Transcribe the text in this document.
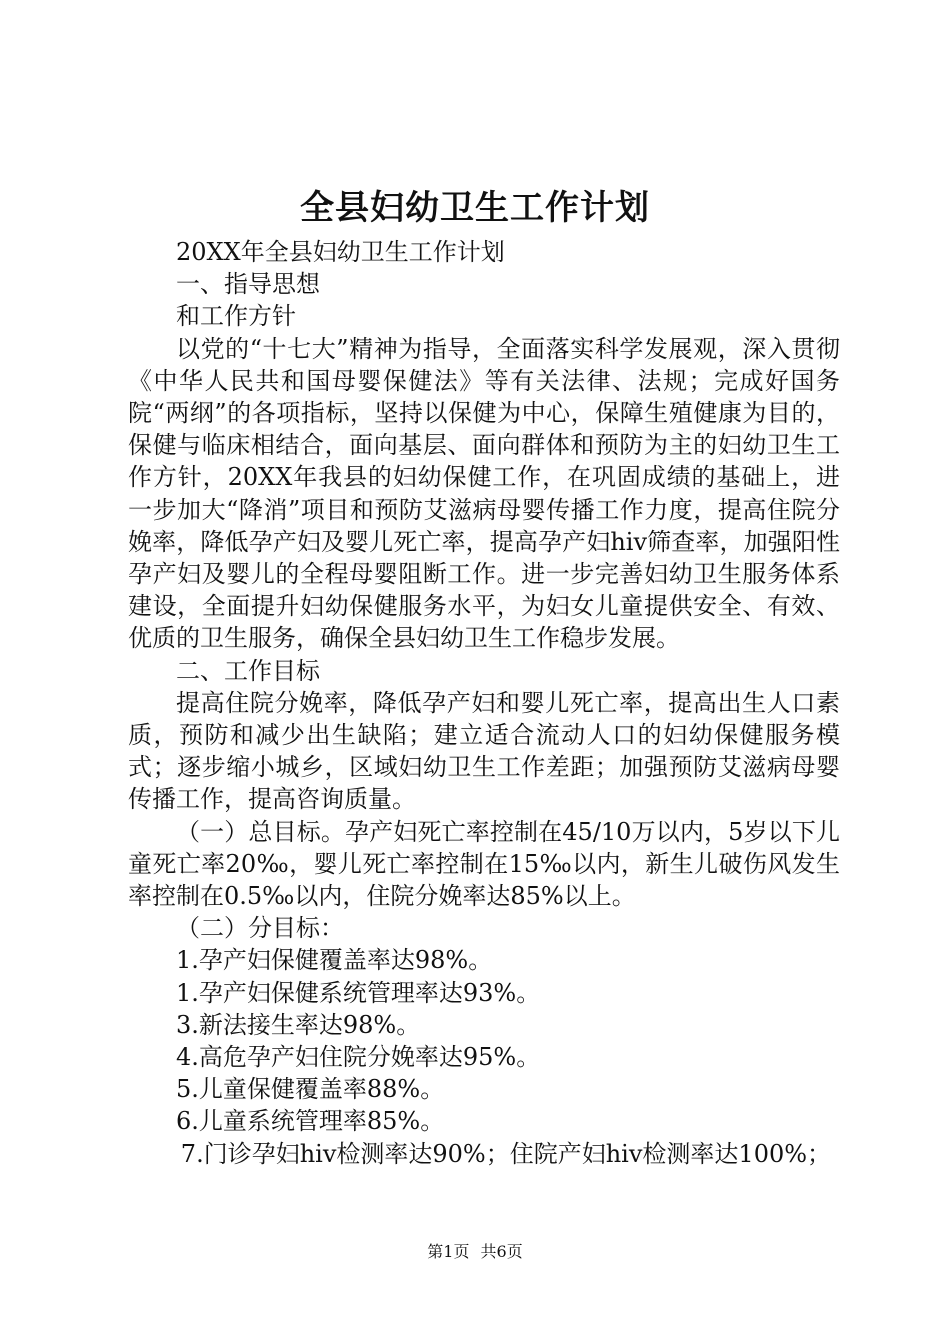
全县妇幼卫生工作计划

20XX年全县妇幼卫生工作计划

一、指导思想

和工作方针

以党的“十七大”精神为指导，全面落实科学发展观，深入贯彻《中华人民共和国母婴保健法》等有关法律、法规；完成好国务院“两纲”的各项指标，坚持以保健为中心，保障生殖健康为目的，保健与临床相结合，面向基层、面向群体和预防为主的妇幼卫生工作方针，20XX年我县的妇幼保健工作，在巩固成绩的基础上，进一步加大“降消”项目和预防艾滋病母婴传播工作力度，提高住院分娩率，降低孕产妇及婴儿死亡率，提高孕产妇hiv筛查率，加强阳性孕产妇及婴儿的全程母婴阻断工作。进一步完善妇幼卫生服务体系建设，全面提升妇幼保健服务水平，为妇女儿童提供安全、有效、优质的卫生服务，确保全县妇幼卫生工作稳步发展。

二、工作目标

提高住院分娩率，降低孕产妇和婴儿死亡率，提高出生人口素质，预防和减少出生缺陷；建立适合流动人口的妇幼保健服务模式；逐步缩小城乡，区域妇幼卫生工作差距；加强预防艾滋病母婴传播工作，提高咨询质量。

（一）总目标。孕产妇死亡率控制在45/10万以内，5岁以下儿童死亡率20‰，婴儿死亡率控制在15‰以内，新生儿破伤风发生率控制在0.5‰以内，住院分娩率达85%以上。

（二）分目标：

1.孕产妇保健覆盖率达98%。

1.孕产妇保健系统管理率达93%。

3.新法接生率达98%。

4.高危孕产妇住院分娩率达95%。

5.儿童保健覆盖率88%。

6.儿童系统管理率85%。

7.门诊孕妇hiv检测率达90%；住院产妇hiv检测率达100%；

第1页 共6页
